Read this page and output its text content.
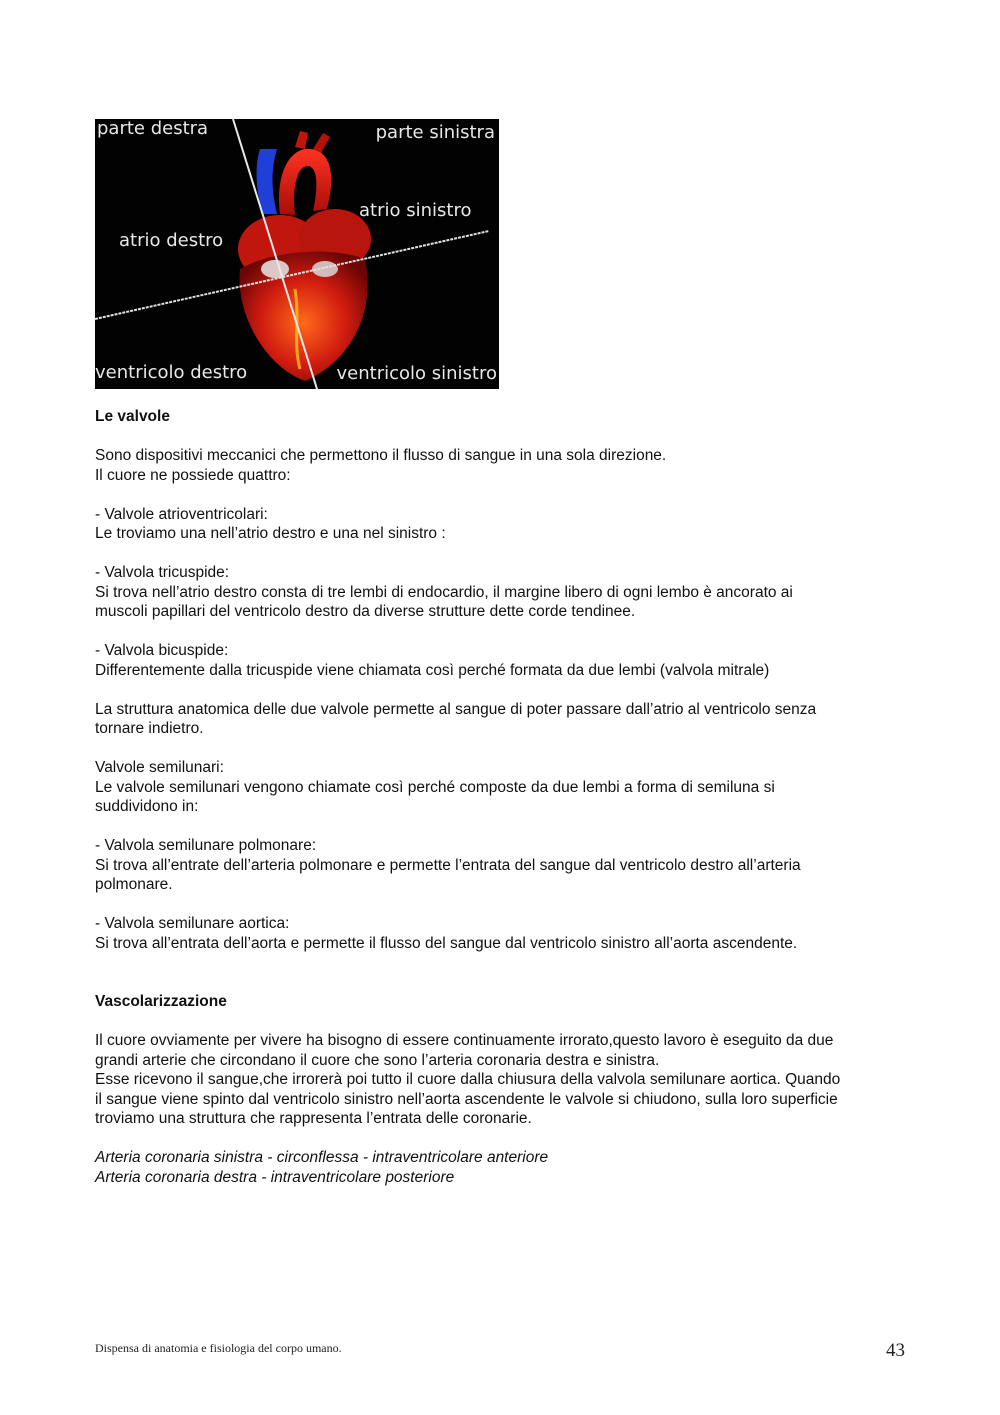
parte destra	parte sinistra
atrio sinistro
atrio destro
ventricolo destro	ventricolo sinistro
Le valvole

Sono dispositivi meccanici che permettono il flusso di sangue in una sola direzione.
Il cuore ne possiede quattro:

- Valvole atrioventricolari:
Le troviamo una nell’atrio destro e una nel sinistro :

- Valvola tricuspide:
Si trova nell’atrio destro consta di tre lembi di endocardio, il margine libero di ogni lembo è ancorato ai
muscoli papillari del ventricolo destro da diverse strutture dette corde tendinee.

- Valvola bicuspide:
Differentemente dalla tricuspide viene chiamata così perché formata da due lembi (valvola mitrale)

La struttura anatomica delle due valvole permette al sangue di poter passare dall’atrio al ventricolo senza
tornare indietro.

Valvole semilunari:
Le valvole semilunari vengono chiamate così perché composte da due lembi a forma di semiluna si
suddividono in:

- Valvola semilunare polmonare:
Si trova all’entrate dell’arteria polmonare e permette l’entrata del sangue dal ventricolo destro all’arteria
polmonare.

- Valvola semilunare aortica:
Si trova all’entrata dell’aorta e permette il flusso del sangue dal ventricolo sinistro all’aorta ascendente.

Vascolarizzazione

Il cuore ovviamente per vivere ha bisogno di essere continuamente irrorato,questo lavoro è eseguito da due
grandi arterie che circondano il cuore che sono l’arteria coronaria destra e sinistra.
Esse ricevono il sangue,che irrorerà poi tutto il cuore dalla chiusura della valvola semilunare aortica. Quando
il sangue viene spinto dal ventricolo sinistro nell’aorta ascendente le valvole si chiudono, sulla loro superficie
troviamo una struttura che rappresenta l’entrata delle coronarie.

Arteria coronaria sinistra - circonflessa - intraventricolare anteriore
Arteria coronaria destra - intraventricolare posteriore

Dispensa di anatomia e fisiologia del corpo umano.	43
